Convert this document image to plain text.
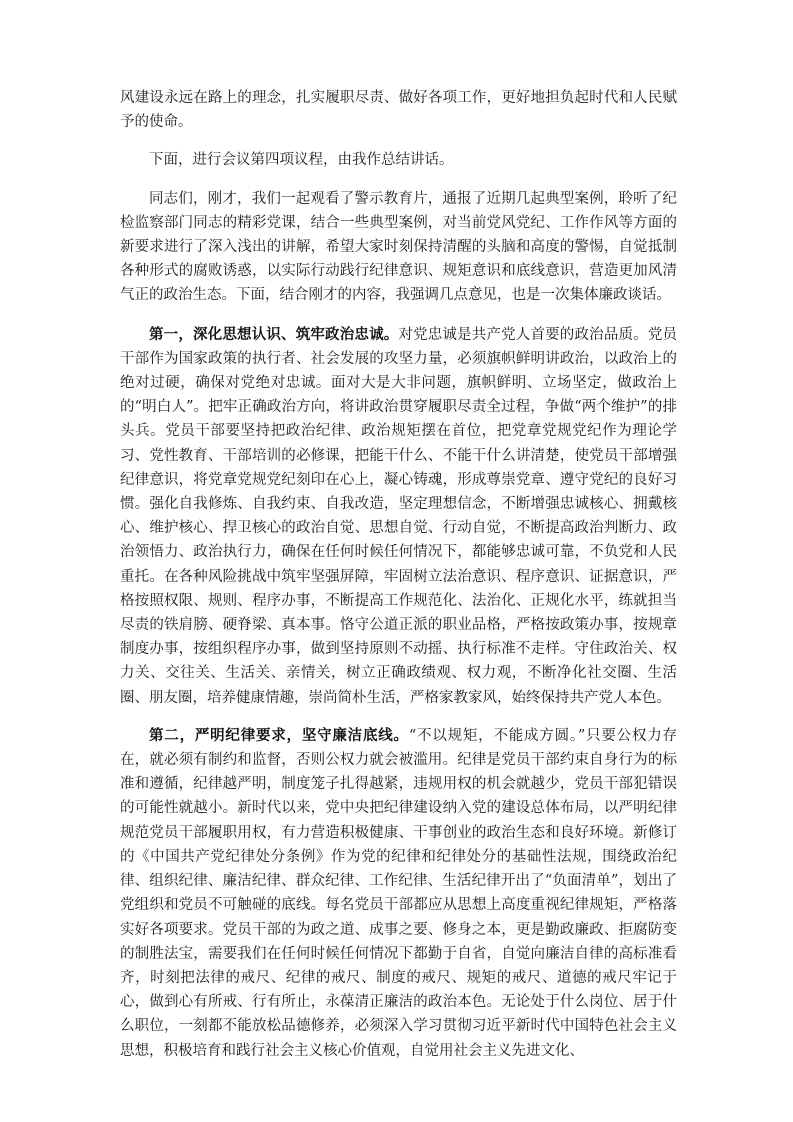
风建设永远在路上的理念，扎实履职尽责、做好各项工作，更好地担负起时代和人民赋予的使命。

下面，进行会议第四项议程，由我作总结讲话。

同志们，刚才，我们一起观看了警示教育片，通报了近期几起典型案例，聆听了纪检监察部门同志的精彩党课，结合一些典型案例，对当前党风党纪、工作作风等方面的新要求进行了深入浅出的讲解，希望大家时刻保持清醒的头脑和高度的警惕，自觉抵制各种形式的腐败诱惑，以实际行动践行纪律意识、规矩意识和底线意识，营造更加风清气正的政治生态。下面，结合刚才的内容，我强调几点意见，也是一次集体廉政谈话。

第一，深化思想认识、筑牢政治忠诚。对党忠诚是共产党人首要的政治品质。党员干部作为国家政策的执行者、社会发展的攻坚力量，必须旗帜鲜明讲政治，以政治上的绝对过硬，确保对党绝对忠诚。面对大是大非问题，旗帜鲜明、立场坚定，做政治上的“明白人”。把牢正确政治方向，将讲政治贯穿履职尽责全过程，争做“两个维护”的排头兵。党员干部要坚持把政治纪律、政治规矩摆在首位，把党章党规党纪作为理论学习、党性教育、干部培训的必修课，把能干什么、不能干什么讲清楚，使党员干部增强纪律意识，将党章党规党纪刻印在心上，凝心铸魂，形成尊崇党章、遵守党纪的良好习惯。强化自我修炼、自我约束、自我改造，坚定理想信念，不断增强忠诚核心、拥戴核心、维护核心、捍卫核心的政治自觉、思想自觉、行动自觉，不断提高政治判断力、政治领悟力、政治执行力，确保在任何时候任何情况下，都能够忠诚可靠，不负党和人民重托。在各种风险挑战中筑牢坚强屏障，牢固树立法治意识、程序意识、证据意识，严格按照权限、规则、程序办事，不断提高工作规范化、法治化、正规化水平，练就担当尽责的铁肩膀、硬脊梁、真本事。恪守公道正派的职业品格，严格按政策办事，按规章制度办事，按组织程序办事，做到坚持原则不动摇、执行标准不走样。守住政治关、权力关、交往关、生活关、亲情关，树立正确政绩观、权力观，不断净化社交圈、生活圈、朋友圈，培养健康情趣，崇尚简朴生活，严格家教家风，始终保持共产党人本色。

第二，严明纪律要求，坚守廉洁底线。“不以规矩，不能成方圆。”只要公权力存在，就必须有制约和监督，否则公权力就会被滥用。纪律是党员干部约束自身行为的标准和遵循，纪律越严明，制度笼子扎得越紧，违规用权的机会就越少，党员干部犯错误的可能性就越小。新时代以来，党中央把纪律建设纳入党的建设总体布局，以严明纪律规范党员干部履职用权，有力营造积极健康、干事创业的政治生态和良好环境。新修订的《中国共产党纪律处分条例》作为党的纪律和纪律处分的基础性法规，围绕政治纪律、组织纪律、廉洁纪律、群众纪律、工作纪律、生活纪律开出了“负面清单”，划出了党组织和党员不可触碰的底线。每名党员干部都应从思想上高度重视纪律规矩，严格落实好各项要求。党员干部的为政之道、成事之要、修身之本，更是勤政廉政、拒腐防变的制胜法宝，需要我们在任何时候任何情况下都勤于自省，自觉向廉洁自律的高标准看齐，时刻把法律的戒尺、纪律的戒尺、制度的戒尺、规矩的戒尺、道德的戒尺牢记于心，做到心有所戒、行有所止，永葆清正廉洁的政治本色。无论处于什么岗位、居于什么职位，一刻都不能放松品德修养，必须深入学习贯彻习近平新时代中国特色社会主义思想，积极培育和践行社会主义核心价值观，自觉用社会主义先进文化、
